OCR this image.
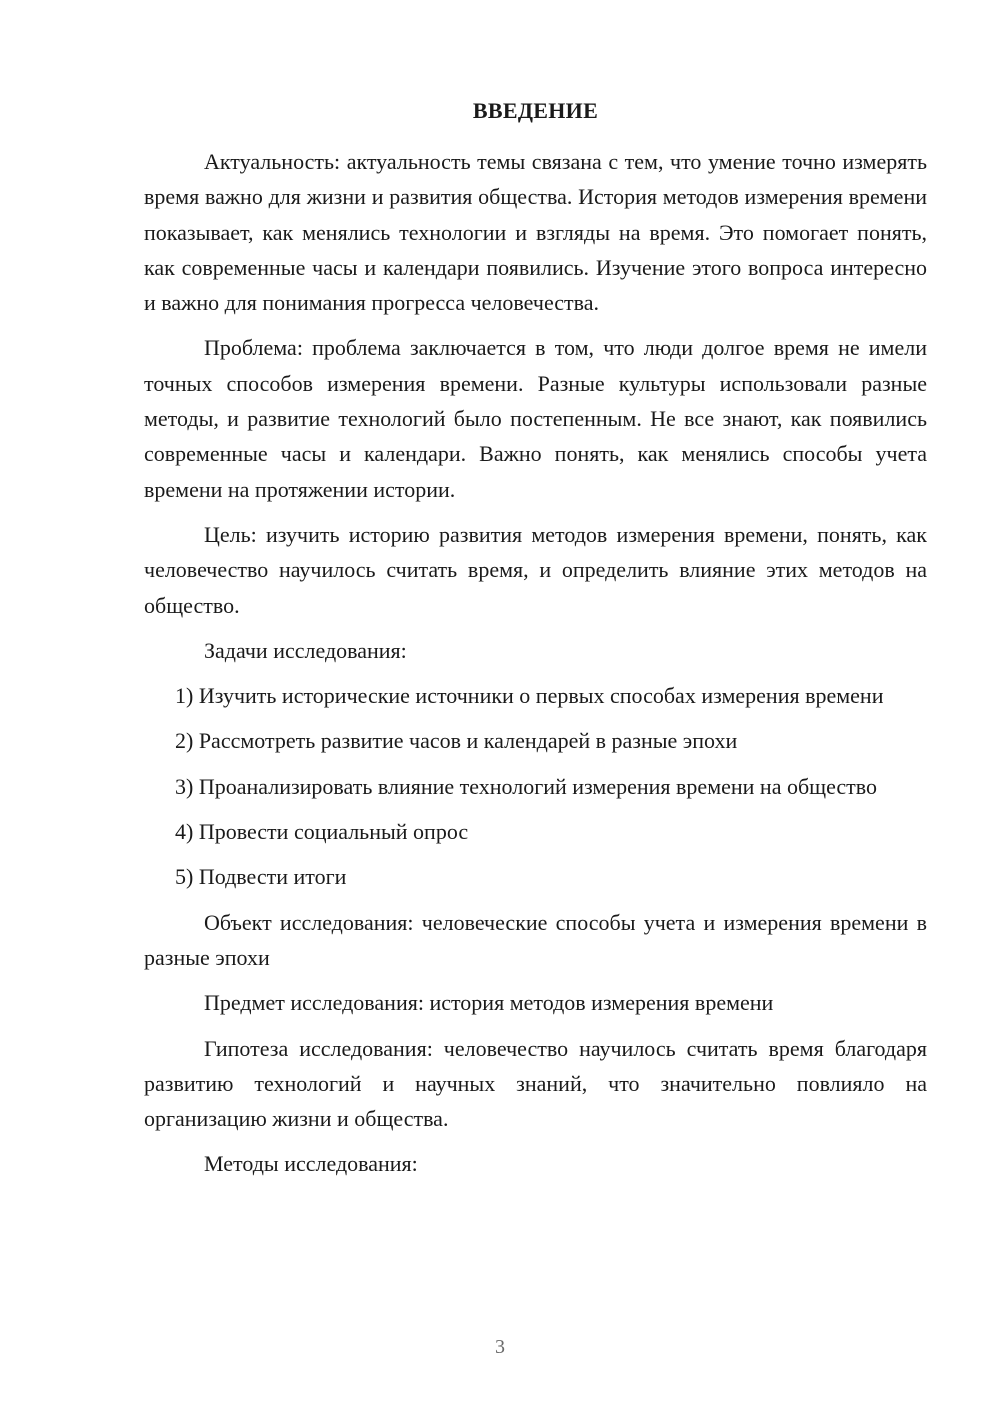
ВВЕДЕНИЕ

Актуальность: актуальность темы связана с тем, что умение точно измерять время важно для жизни и развития общества. История методов измерения времени показывает, как менялись технологии и взгляды на время. Это помогает понять, как современные часы и календари появились. Изучение этого вопроса интересно и важно для понимания прогресса человечества.

Проблема: проблема заключается в том, что люди долгое время не имели точных способов измерения времени. Разные культуры использовали разные методы, и развитие технологий было постепенным. Не все знают, как появились современные часы и календари. Важно понять, как менялись способы учета времени на протяжении истории.

Цель: изучить историю развития методов измерения времени, понять, как человечество научилось считать время, и определить влияние этих методов на общество.

Задачи исследования:

1) Изучить исторические источники о первых способах измерения времени

2) Рассмотреть развитие часов и календарей в разные эпохи

3) Проанализировать влияние технологий измерения времени на общество

4) Провести социальный опрос

5) Подвести итоги

Объект исследования: человеческие способы учета и измерения времени в разные эпохи

Предмет исследования: история методов измерения времени

Гипотеза исследования: человечество научилось считать время благодаря развитию технологий и научных знаний, что значительно повлияло на организацию жизни и общества.

Методы исследования:

3
